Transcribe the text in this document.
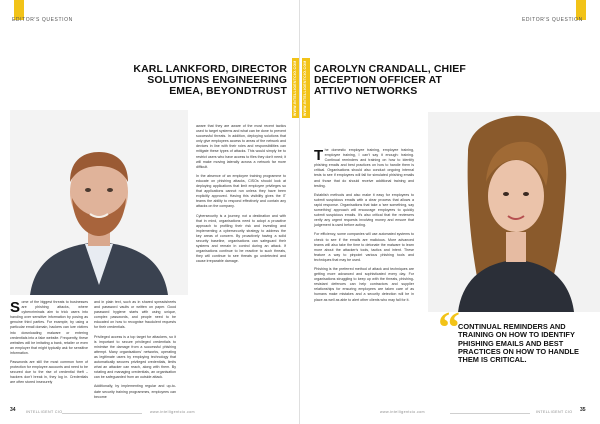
EDITOR'S QUESTION
WWW.INTELLIGENTCIO.COM
KARL LANKFORD, DIRECTOR
SOLUTIONS ENGINEERING
EMEA, BEYONDTRUST

Some of the biggest threats to businesses are phishing attacks, where cybercriminals aim to trick users into handing over sensitive information by posing as genuine third parties. For example, by using a particular email domain, hackers can lure victims into downloading malware or entering credentials into a fake website. Frequently, these websites will be imitating a bank, retailer or even an employer that might typically ask for sensitive information.

Passwords are still the most common form of protection for employee accounts and need to be secured due to the rise of credential theft – hackers don't break in, they log in. Credentials are often stored insecurely

and in plain text, such as in shared spreadsheets and password vaults or written on paper. Good password hygiene starts with using unique, complex passwords, and people need to be educated on how to recognise fraudulent requests for their credentials.

Privileged access is a top target for attackers, so it is important to secure privileged credentials to minimise the damage from a successful phishing attempt. Many organisations' networks, operating as legitimate users by employing technology that automatically secures privileged credentials, limits what an attacker can reach, along with them. By rotating and managing credentials, an organisation can be safeguarded from an outside attack.

Additionally, by implementing regular and up-to-date security training programmes, employees can become

aware that they are aware of the most recent tactics used to target systems and what can be done to prevent successful threats. In addition, deploying solutions that only give employees access to areas of the network and devices in line with their roles and responsibilities can mitigate these types of attacks. This would simply be to restrict users who have access to files they don't need; it will make moving laterally across a network far more difficult.

In the absence of an employee training programme to educate on phishing attacks, CISOs should look at deploying applications that limit employee privileges so that applications cannot run unless they have been explicitly approved. Having this visibility gives the IT teams the ability to respond effectively and contain any attacks on the company.

Cybersecurity is a journey, not a destination and with that in mind, organisations need to adopt a proactive approach to profiling their risk and investing and implementing a cybersecurity strategy to address the key areas of concern. By proactively having a solid security baseline, organisations can safeguard their systems and remain in control during an attack. If organisations continue to be reactive to such threats, they will continue to see threats go undetected and cause irreparable damage.

34	INTELLIGENT CIO	www.intelligentcio.com
EDITOR'S QUESTION
WWW.INTELLIGENTCIO.COM CAROLYN CRANDALL, CHIEF
DECEPTION OFFICER AT
ATTIVO NETWORKS

The domestic employee training, employee training, employee training, I can't say it enough: training. Continual reminders and training on how to identify phishing emails and best practices on how to handle them is critical. Organisations should also conduct ongoing internal tests to see if employees will fall for simulated phishing emails and those that do should receive additional training and testing.

Establish methods and also make it easy for employees to submit suspicious emails with a clear process that allows a rapid response. Organisations that take a 'see something, say something' approach will encourage employees to quickly submit suspicious emails. It's also critical that the reviewers verify any urgent requests involving money and ensure that judgement is used before acting.

For efficiency, some companies will use automated systems to check to see if the emails are malicious. More advanced teams will also take the time to detonate the malware to learn more about the attacker's tools, tactics and intent. These feature a way to pinpoint various phishing tools and techniques that may be used.

Phishing is the preferred method of attack and techniques are getting more advanced and sophisticated every day. For organisations struggling to keep up with the threats, phishing-resistant defences can help contractors and supplier relationships for ensuring employees are taken care of as humans make mistakes and a security detection will be in place as well as able to alert other clients who may fall for it.

35
INTELLIGENT CIO
www.intelligentcio.com
“
CONTINUAL REMINDERS AND TRAINING ON HOW TO IDENTIFY PHISHING EMAILS AND BEST PRACTICES ON HOW TO HANDLE THEM IS CRITICAL.
